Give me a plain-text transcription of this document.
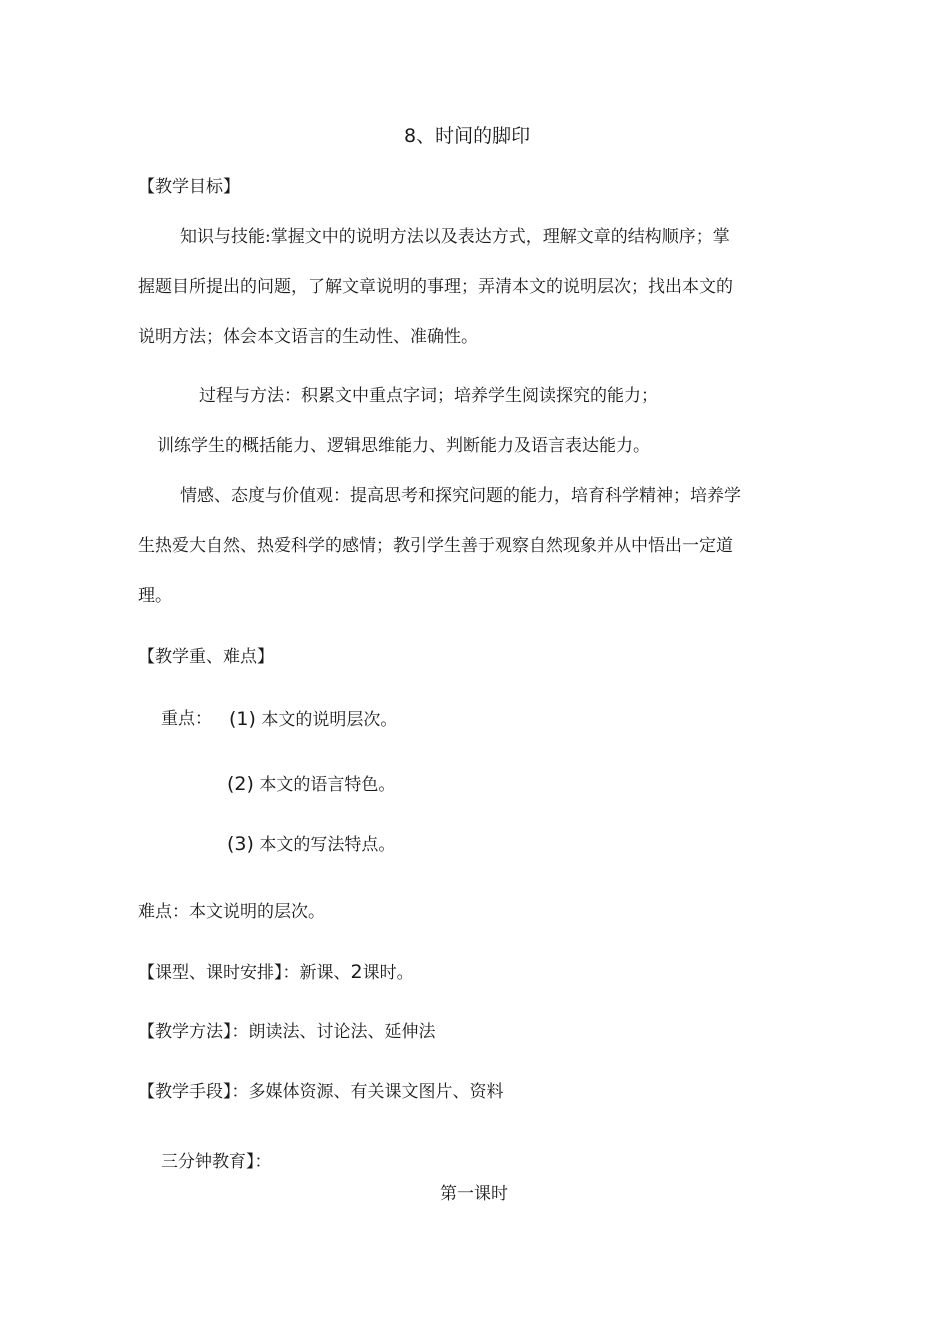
8、时间的脚印
【教学目标】
知识与技能:掌握文中的说明方法以及表达方式，理解文章的结构顺序；掌
握题目所提出的问题，了解文章说明的事理；弄清本文的说明层次；找出本文的
说明方法；体会本文语言的生动性、准确性。
过程与方法：积累文中重点字词；培养学生阅读探究的能力；
训练学生的概括能力、逻辑思维能力、判断能力及语言表达能力。
情感、态度与价值观：提高思考和探究问题的能力，培育科学精神；培养学
生热爱大自然、热爱科学的感情；教引学生善于观察自然现象并从中悟出一定道
理。
【教学重、难点】
重点： (1) 本文的说明层次。
(2) 本文的语言特色。
(3) 本文的写法特点。
难点：本文说明的层次。
【课型、课时安排】：新课、2课时。
【教学方法】：朗读法、讨论法、延伸法
【教学手段】：多媒体资源、有关课文图片、资料
三分钟教育】：
第一课时
